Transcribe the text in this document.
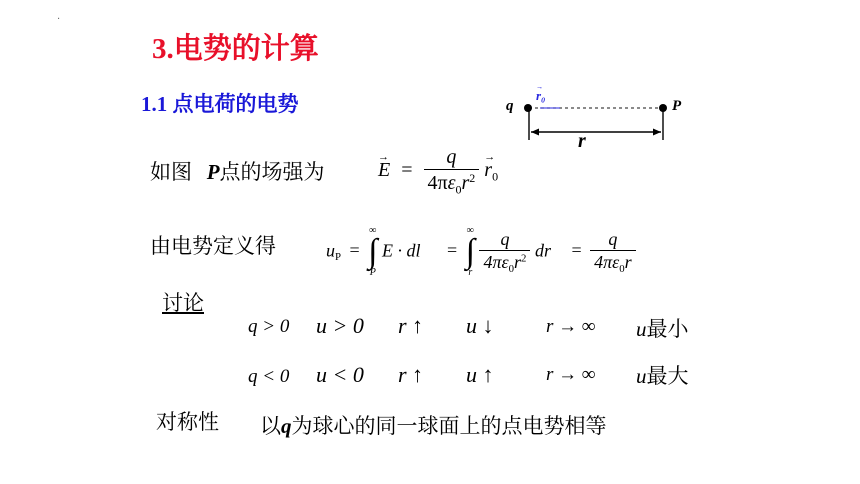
·
3.电势的计算
1.1 点电荷的电势	q	P
→ $r_0$
r
如图 P点的场强为
→	$E = \frac{q}{4\pi\varepsilon_0r^2}$
→ $r_0$
由电势定义得	$u_P$ =
∞
∫
P
E · dl =
∞
∫
r
$\frac{q}{4\pi\varepsilon_0r^2}$ dr = $\frac{q}{4\pi\varepsilon_0r}$
讨论
q > 0 u > 0 r ↑ u ↓	r → ∞ u最小
q < 0 u < 0 r ↑ u ↑	r → ∞ u最大
对称性 以q为球心的同一球面上的点电势相等
